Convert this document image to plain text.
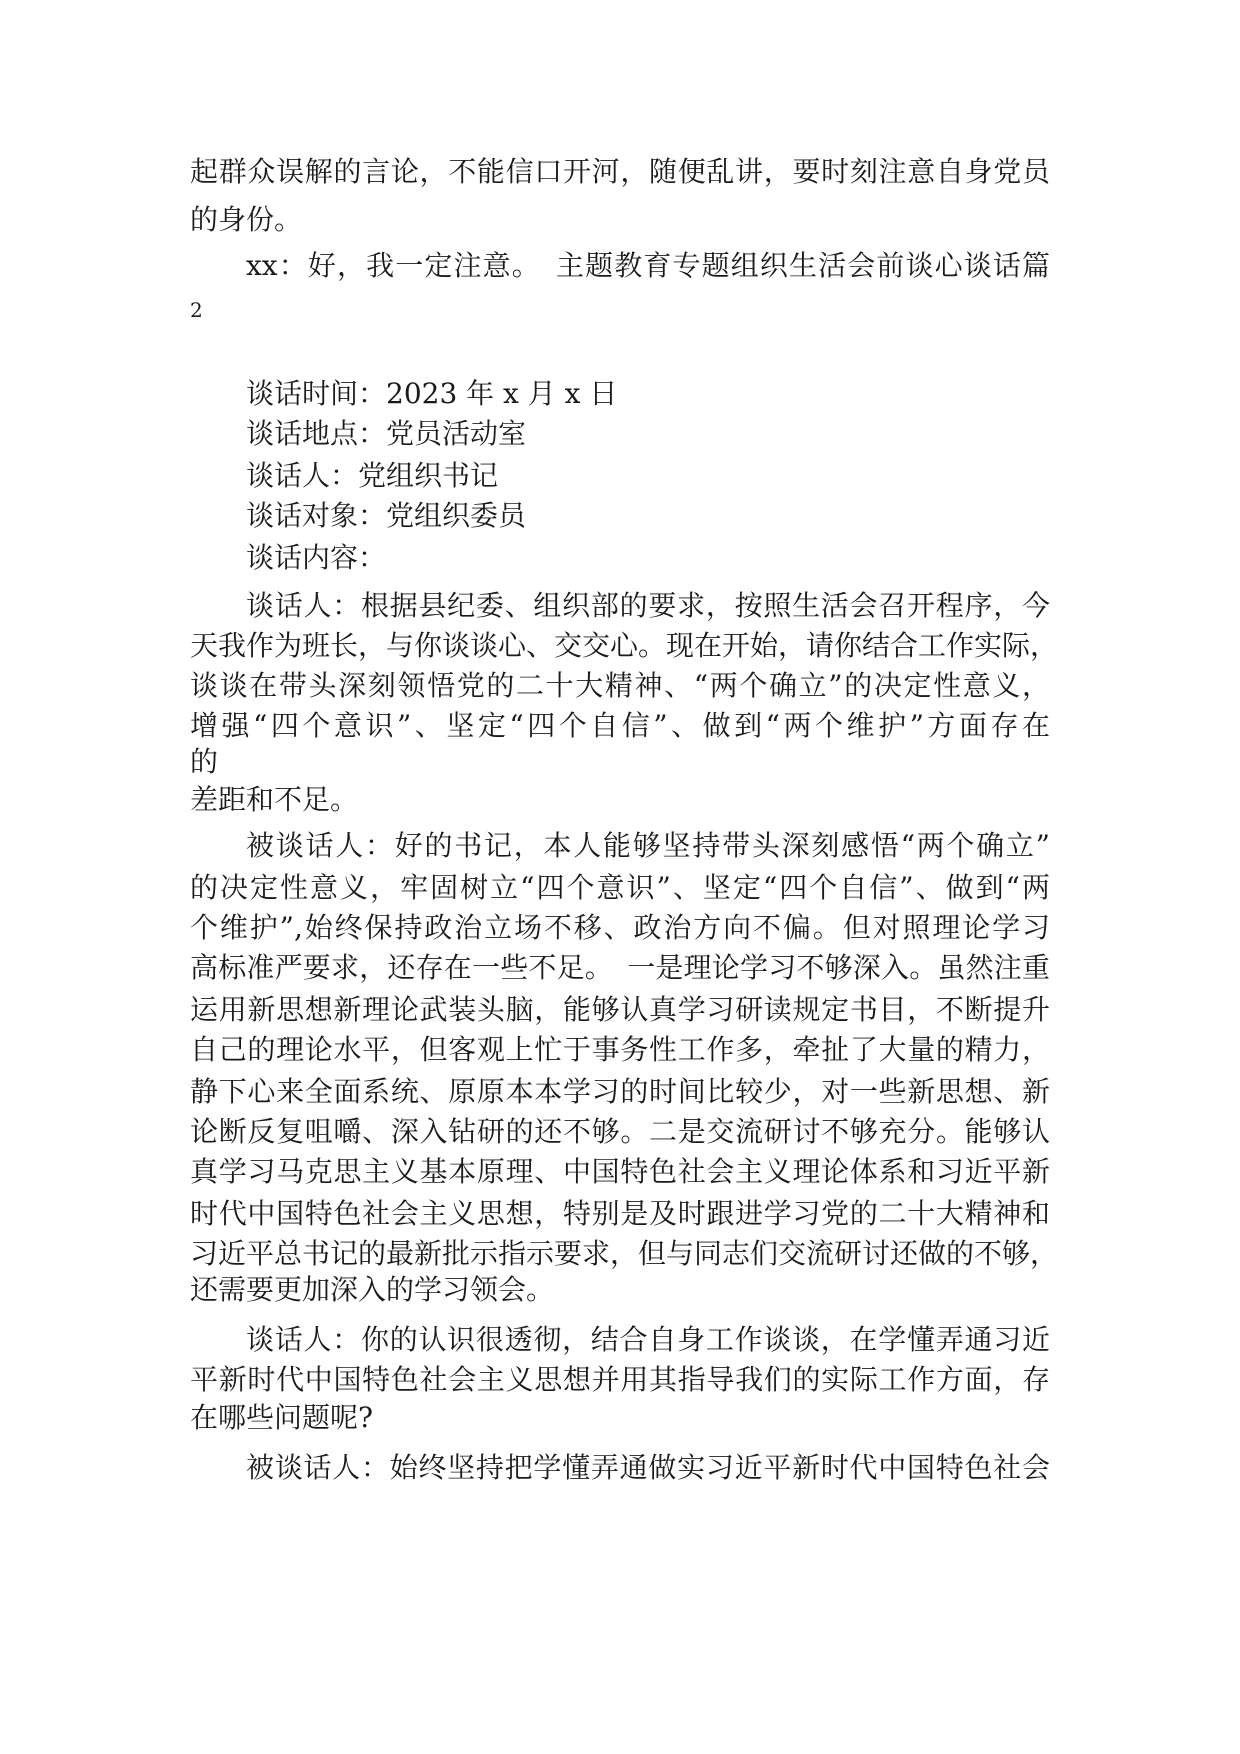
起群众误解的言论，不能信口开河，随便乱讲，要时刻注意自身党员

的身份。

xx：好，我一定注意。　主题教育专题组织生活会前谈心谈话篇

2

谈话时间：2023 年 x 月 x 日

谈话地点：党员活动室

谈话人：党组织书记

谈话对象：党组织委员

谈话内容：

谈话人：根据县纪委、组织部的要求，按照生活会召开程序，今

天我作为班长，与你谈谈心、交交心。现在开始，请你结合工作实际，

谈谈在带头深刻领悟党的二十大精神、“两个确立”的决定性意义，

增强“四个意识”、坚定“四个自信”、做到“两个维护”方面存在

的

差距和不足。

被谈话人：好的书记，本人能够坚持带头深刻感悟“两个确立”

的决定性意义，牢固树立“四个意识”、坚定“四个自信”、做到“两

个维护”,始终保持政治立场不移、政治方向不偏。但对照理论学习

高标准严要求，还存在一些不足。　一是理论学习不够深入。虽然注重

运用新思想新理论武装头脑，能够认真学习研读规定书目，不断提升

自己的理论水平，但客观上忙于事务性工作多，牵扯了大量的精力，

静下心来全面系统、原原本本学习的时间比较少，对一些新思想、新

论断反复咀嚼、深入钻研的还不够。二是交流研讨不够充分。能够认

真学习马克思主义基本原理、中国特色社会主义理论体系和习近平新

时代中国特色社会主义思想，特别是及时跟进学习党的二十大精神和

习近平总书记的最新批示指示要求，但与同志们交流研讨还做的不够，

还需要更加深入的学习领会。

谈话人：你的认识很透彻，结合自身工作谈谈，在学懂弄通习近

平新时代中国特色社会主义思想并用其指导我们的实际工作方面，存

在哪些问题呢?

被谈话人：始终坚持把学懂弄通做实习近平新时代中国特色社会
